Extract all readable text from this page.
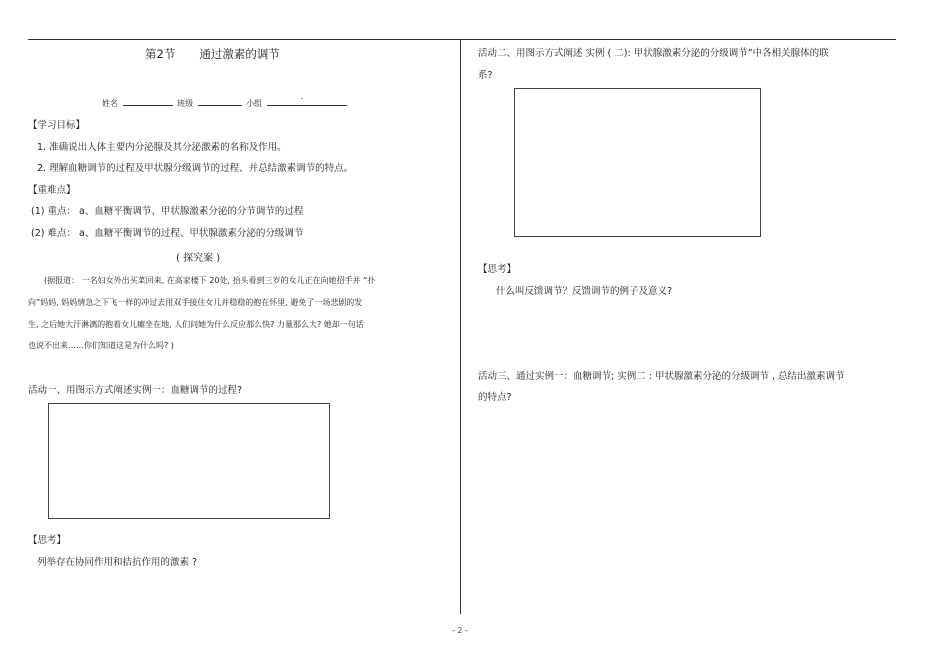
第2节 通过激素的调节
姓名	班级	小组
.
【学习目标】
1. 准确说出人体主要内分泌腺及其分泌激素的名称及作用。
2. 理解血糖调节的过程及甲状腺分级调节的过程、并总结激素调节的特点。
【重难点】
(1) 重点： a、血糖平衡调节、甲状腺激素分泌的分节调节的过程
(2) 难点： a、血糖平衡调节的过程、甲状腺激素分泌的分级调节
( 探究案 )
(据报道： 一名妇女外出买菜回来, 在高家楼下 20处, 抬头看到三岁的女儿正在向她招手并 “扑
向”妈妈, 妈妈情急之下飞一样的冲过去用双手接住女儿并稳稳的抱在怀里, 避免了一场悲剧的发
生, 之后她大汗淋漓的抱着女儿瘫坐在地, 人们问她为什么反应那么快? 力量那么大? 她却一句话
也说不出来……你们知道这是为什么吗? )
活动一、用图示方式阐述实例一：血糖调节的过程?
【思考】
列举存在协同作用和拮抗作用的激素 ?
活动二、用图示方式阐述 实例 ( 二): 甲状腺激素分泌的分级调节”中各相关腺体的联
系?
【思考】
什么叫反馈调节？反馈调节的例子及意义?
活动三、通过实例一：血糖调节; 实例二 : 甲状腺激素分泌的分级调节 , 总结出激素调节
的特点?
- 2 -
